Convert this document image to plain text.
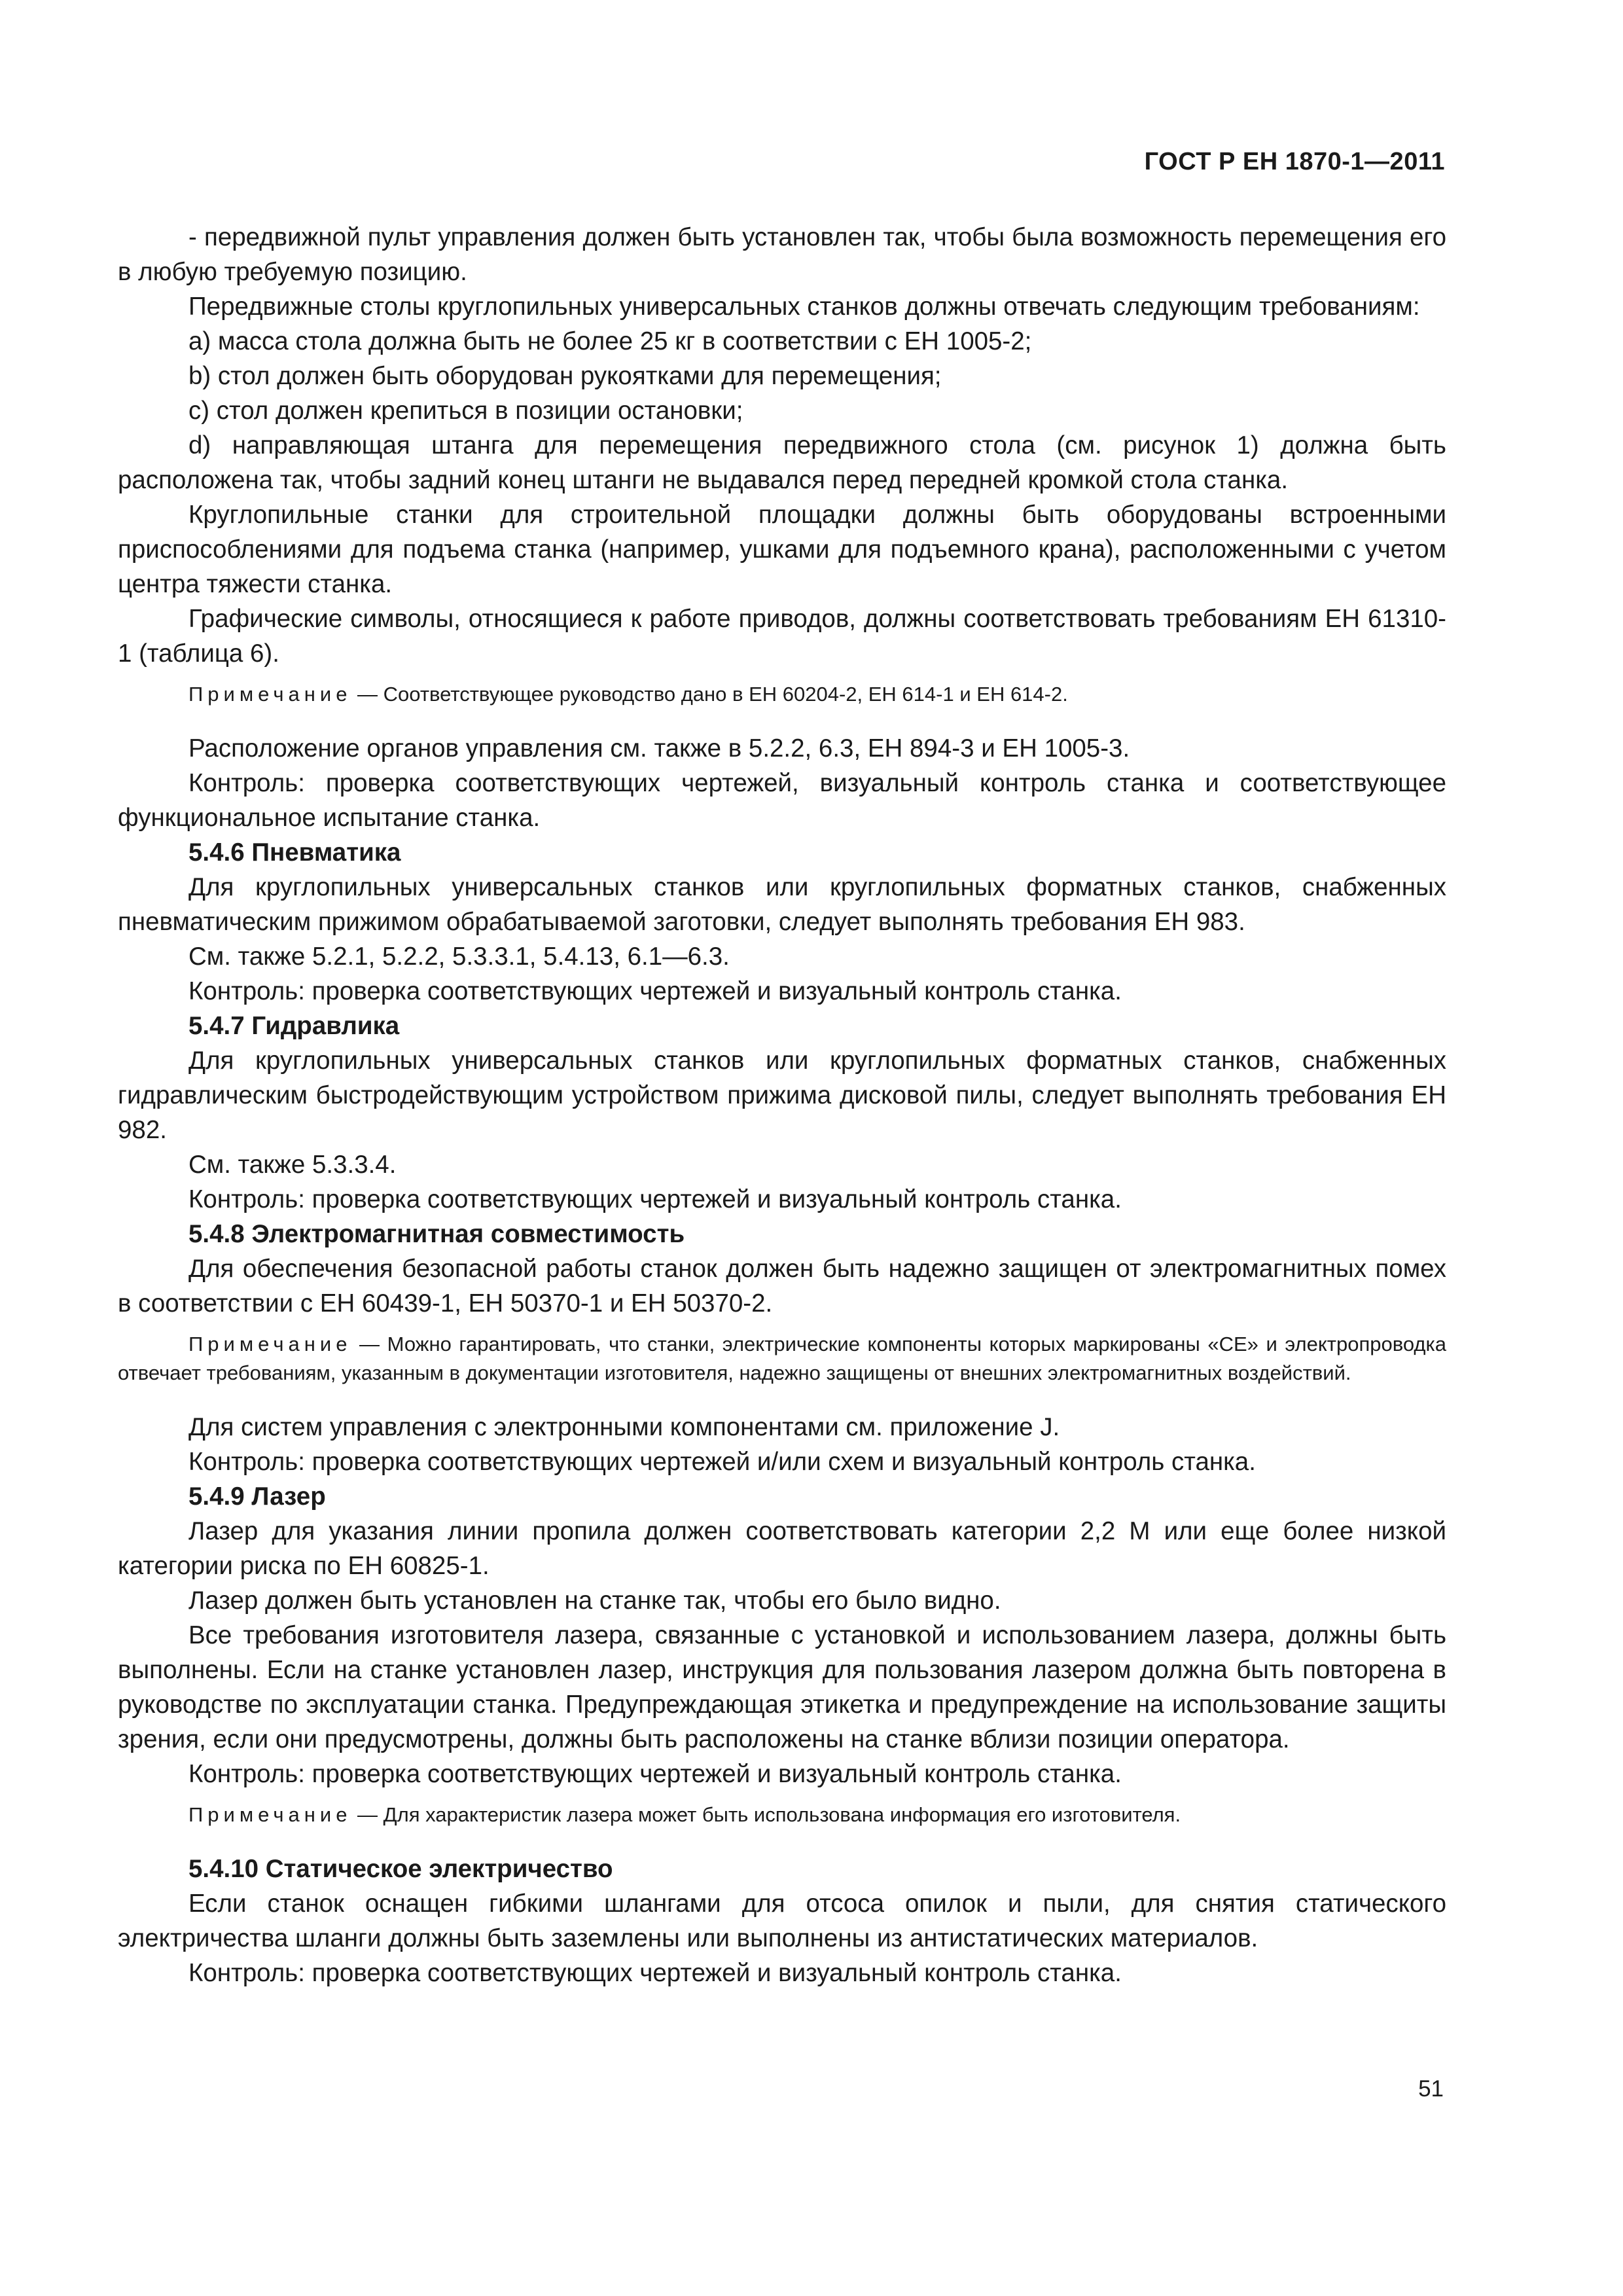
ГОСТ Р ЕН 1870-1—2011

- передвижной пульт управления должен быть установлен так, чтобы была возможность перемещения его в любую требуемую позицию.

Передвижные столы круглопильных универсальных станков должны отвечать следующим требованиям:

a) масса стола должна быть не более 25 кг в соответствии с ЕН 1005-2;

b) стол должен быть оборудован рукоятками для перемещения;

c) стол должен крепиться в позиции остановки;

d) направляющая штанга для перемещения передвижного стола (см. рисунок 1) должна быть расположена так, чтобы задний конец штанги не выдавался перед передней кромкой стола станка.

Круглопильные станки для строительной площадки должны быть оборудованы встроенными приспособлениями для подъема станка (например, ушками для подъемного крана), расположенными с учетом центра тяжести станка.

Графические символы, относящиеся к работе приводов, должны соответствовать требованиям ЕН 61310-1 (таблица 6).

Примечание — Соответствующее руководство дано в ЕН 60204-2, ЕН 614-1 и ЕН 614-2.

Расположение органов управления см. также в 5.2.2, 6.3, ЕН 894-3 и ЕН 1005-3.

Контроль: проверка соответствующих чертежей, визуальный контроль станка и соответствующее функциональное испытание станка.

5.4.6 Пневматика

Для круглопильных универсальных станков или круглопильных форматных станков, снабженных пневматическим прижимом обрабатываемой заготовки, следует выполнять требования ЕН 983.

См. также 5.2.1, 5.2.2, 5.3.3.1, 5.4.13, 6.1—6.3.

Контроль: проверка соответствующих чертежей и визуальный контроль станка.

5.4.7 Гидравлика

Для круглопильных универсальных станков или круглопильных форматных станков, снабженных гидравлическим быстродействующим устройством прижима дисковой пилы, следует выполнять требования ЕН 982.

См. также 5.3.3.4.

Контроль: проверка соответствующих чертежей и визуальный контроль станка.

5.4.8 Электромагнитная совместимость

Для обеспечения безопасной работы станок должен быть надежно защищен от электромагнитных помех в соответствии с ЕН 60439-1, ЕН 50370-1 и ЕН 50370-2.

Примечание — Можно гарантировать, что станки, электрические компоненты которых маркированы «СЕ» и электропроводка отвечает требованиям, указанным в документации изготовителя, надежно защищены от внешних электромагнитных воздействий.

Для систем управления с электронными компонентами см. приложение J.

Контроль: проверка соответствующих чертежей и/или схем и визуальный контроль станка.

5.4.9 Лазер

Лазер для указания линии пропила должен соответствовать категории 2,2 М или еще более низкой категории риска по ЕН 60825-1.

Лазер должен быть установлен на станке так, чтобы его было видно.

Все требования изготовителя лазера, связанные с установкой и использованием лазера, должны быть выполнены. Если на станке установлен лазер, инструкция для пользования лазером должна быть повторена в руководстве по эксплуатации станка. Предупреждающая этикетка и предупреждение на использование защиты зрения, если они предусмотрены, должны быть расположены на станке вблизи позиции оператора.

Контроль: проверка соответствующих чертежей и визуальный контроль станка.

Примечание — Для характеристик лазера может быть использована информация его изготовителя.

5.4.10 Статическое электричество

Если станок оснащен гибкими шлангами для отсоса опилок и пыли, для снятия статического электричества шланги должны быть заземлены или выполнены из антистатических материалов.

Контроль: проверка соответствующих чертежей и визуальный контроль станка.

51
